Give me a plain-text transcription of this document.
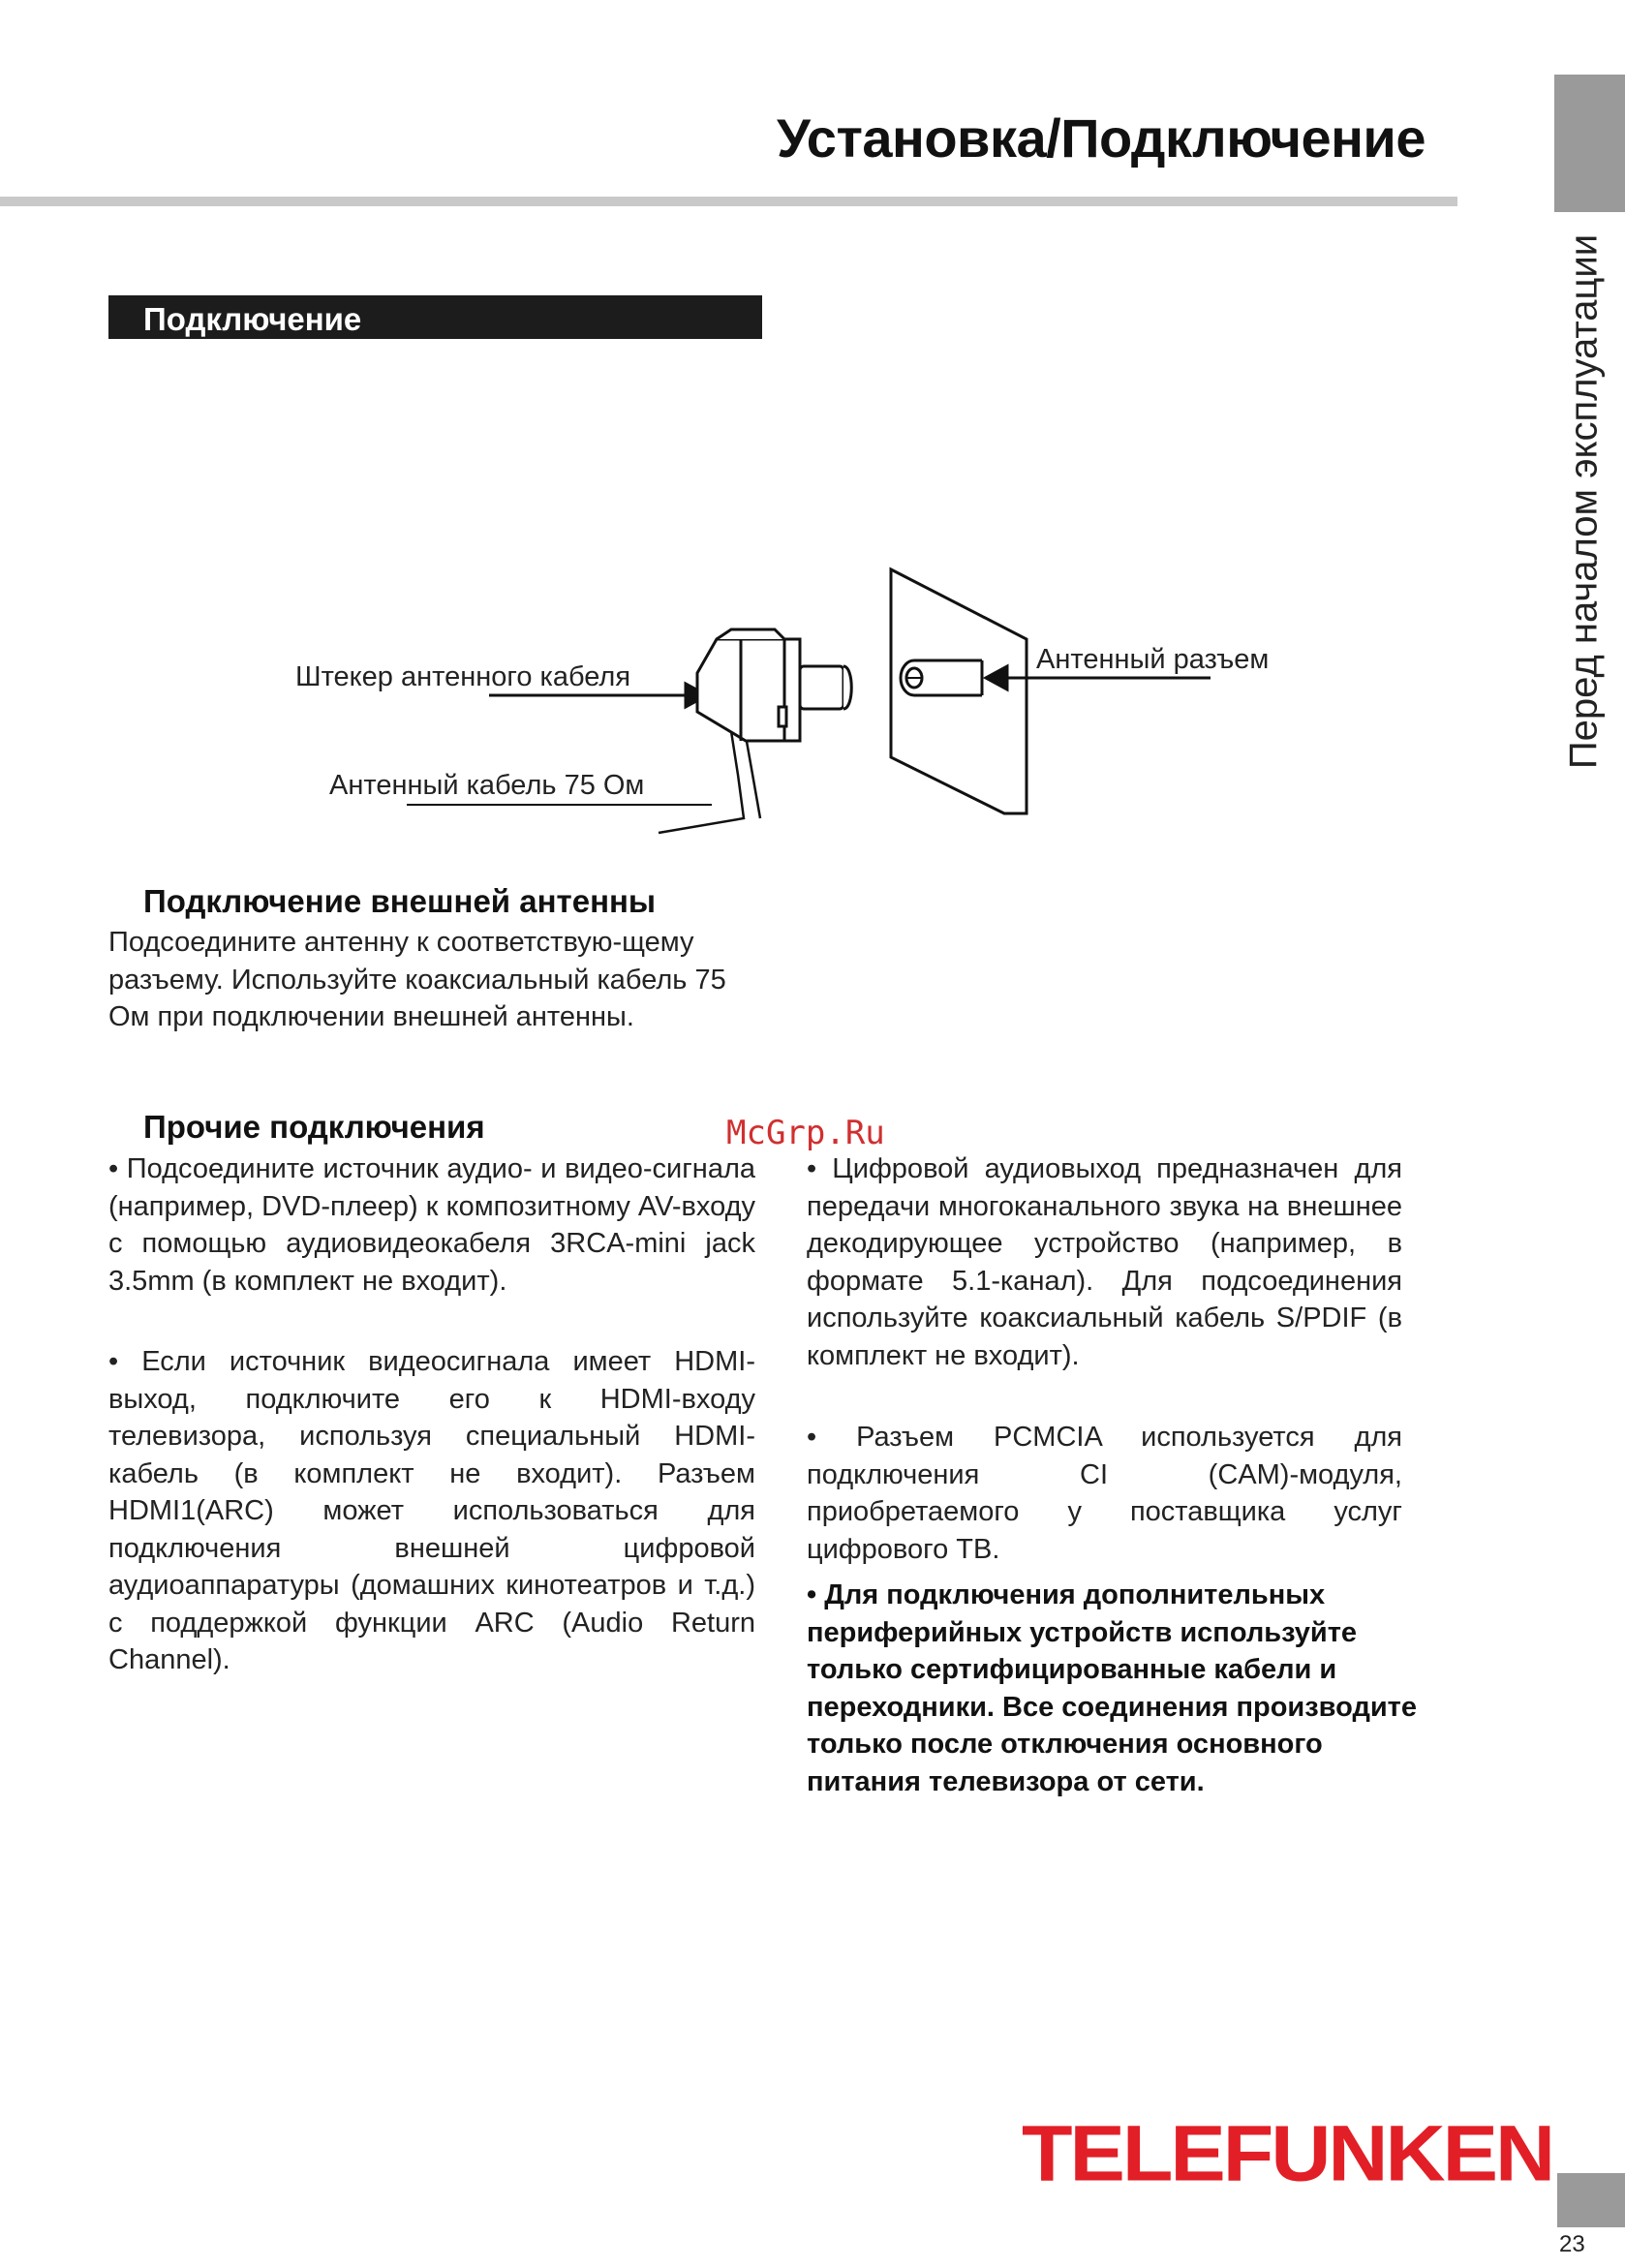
Установка/Подключение
Перед началом эксплуатации
Подключение
Штекер антенного кабеля
Антенный кабель 75 Ом
Антенный разъем
Подключение внешней антенны
Подсоедините антенну к соответствую-щему разъему. Используйте коаксиальный кабель 75 Ом при подключении внешней антенны.
Прочие подключения	McGrp.Ru
• Подсоедините источник аудио- и видео-сигнала (например, DVD-плеер) к композитному AV-входу с помощью аудиовидеокабеля 3RCA-mini jack 3.5mm (в комплект не входит).
• Если источник видеосигнала имеет HDMI-выход, подключите его к HDMI-входу телевизора, используя специальный HDMI-кабель (в комплект не входит). Разъем HDMI1(ARC) может использоваться для подключения внешней цифровой аудиоаппаратуры (домашних кинотеатров и т.д.) с поддержкой функции ARC (Audio Return Channel).
• Цифровой аудиовыход предназначен для передачи многоканального звука на внешнее декодирующее устройство (например, в формате 5.1-канал). Для подсоединения используйте коаксиальный кабель S/PDIF (в комплект не входит).
• Разъем PCMCIA используется для подключения CI (CAM)-модуля, приобретаемого у поставщика услуг цифрового ТВ.
• Для подключения дополнительных периферийных устройств используйте только сертифицированные кабели и переходники. Все соединения производите только после отключения основного питания телевизора от сети.
TELEFUNKEN
23
